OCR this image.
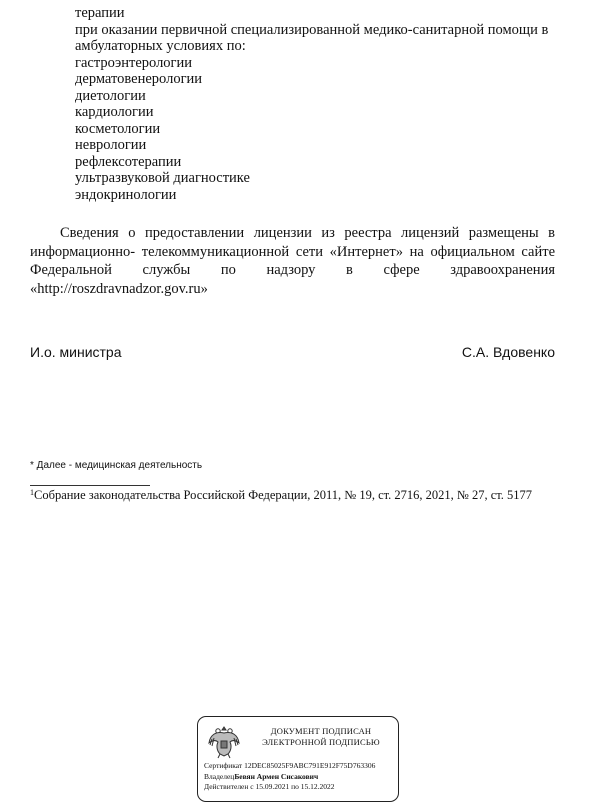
терапии
при оказании первичной специализированной медико-санитарной помощи в амбулаторных условиях по:
гастроэнтерологии
дерматовенерологии
диетологии
кардиологии
косметологии
неврологии
рефлексотерапии
ультразвуковой диагностике
эндокринологии
Сведения о предоставлении лицензии из реестра лицензий размещены в информационно- телекоммуникационной сети «Интернет» на официальном сайте Федеральной службы по надзору в сфере здравоохранения «http://roszdravnadzor.gov.ru»
И.о. министра	С.А. Вдовенко
* Далее - медицинская деятельность
$^1$Собрание законодательства Российской Федерации, 2011, № 19, ст. 2716, 2021, № 27, ст. 5177
ДОКУМЕНТ ПОДПИСАН
ЭЛЕКТРОННОЙ ПОДПИСЬЮ
Сертификат 12DEC85025F9ABC791E912F75D763306
ВладелецБевян Армен Сисакович
Действителен с 15.09.2021 по 15.12.2022
